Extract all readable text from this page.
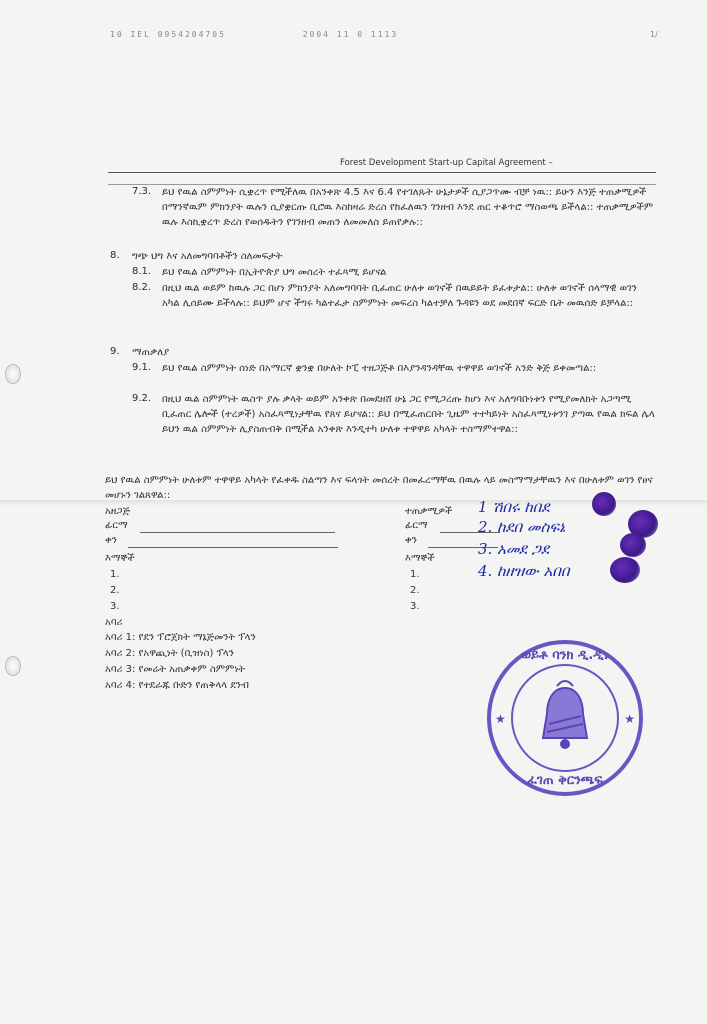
10 IEL 0954204705	2004 11 0 1113	1/
Forest Development Start-up Capital Agreement –
7.3. ይህ የዉል ስምምነት ሲቋረጥ የሚችለዉ በአንቀጽ 4.5 እና 6.4 የተገለጹት ሁኔታዎች ሲያጋጥሙ ብቻ ነዉ:: ይሁን እንጅ ተጠቃሚዎች በማንኛዉም ምክንያት ዉሉን ሲያቋርጡ ቢሮዉ እስከዛሬ ድረስ የከፈለዉን ገንዘብ እንደ ጠር ተቆጥሮ ማስወጫ ይችላል:: ተጠቃሚዎችም ዉሉ እስኪቋረጥ ድረስ የወሰዱትን የገንዘብ መጠን ለመመለስ ይጠየቃሉ::
8. ግጭ ህግ እና አለመግባባቶችን ስለመፍታት
8.1. ይህ የዉል ስምምነት በኢትዮጵያ ህግ መሰረት ተፈጻሚ ይሆናል
8.2. በዚህ ዉል ወይም ከዉሉ ጋር በሆነ ምክንያት አለመግባባት ቢፈጠር ሁለቱ ወገኖች በዉይይት ይፈቱታል:: ሁለቱ ወገኖች ሰላማዊ ወገን አካል ሊሰይሙ ይችላሉ:: ይህም ሆኖ ችግሩ ካልተፈታ ስምምነት መፍረስ ካልተቻለ ጉዳዩን ወደ መደበኛ ፍርድ ቤት መዉሰድ ይቻላል::
9. ማጠቃለያ
9.1. ይህ የዉል ስምምነት ሰነድ በአማርኛ ቋንቋ በሁለት ኮፒ ተዘጋጅቶ በእያንዳንዳቸዉ ተዋዋይ ወገኖች አንድ ቅጅ ይቀመጣል::
9.2. በዚህ ዉል ስምምነት ዉስጥ ያሉ ቃላት ወይም አንቀጽ በመደዘሸ ሁኔ ጋር የሚጋረጡ ከሆነ እና አለግባቡነቱን የሚያመለክት አጋጣሚ ቢፈጠር ሌሎች (ተረዎች) አስፈጻሚነታቸዉ የጸና ይሆናል:: ይህ በሚፈጠርበት ጊዜም ተተካይነት አስፈጻሚነቱንገ ያጣዉ የዉል ክፍል ሌላ ይህን ዉል ስምምነት ሊያስጠብቅ በሚችል አንቀጽ እንዲተካ ሁለቱ ተዋዋይ አካላት ተስማምተዋል::
ይህ የዉል ስምምነት ሁለቱም ተዋዋይ አካላት የፈቀዱ ስልጣን እና ፍላጎት መሰረት በመፈረማቸዉ በዉሉ ላይ መስማማታቸዉን እና በሁለቱም ወገን የፀና መሆኑን ገልጸዋል::
አዘጋጅ
ፊርማ
ቀን
እማኞች
1.
2.
3.
ተጠቃሚዎች
ፊርማ
ቀን
እማኞች
1.
2.
3.
1 ሽበሩ ከበደ
2. ከደበ መስፍኔ
3. አመደ ጋደ
4. ከዘዝው አበበ
አባሪ
አባሪ 1: የደን ፕሮጀክት ማኔጅመንት ፕላን
አባሪ 2: የአዋጪነት (ቢዝነስ) ፕላን
አባሪ 3: የመሬት አጠቃቀም ስምምነት
አባሪ 4: የተደራጁ ቡድን የጠቅላላ ደንብ
ወይቶ ባንክ ዲ.ዲ.
ፈገጠ ቅርንጫፍ
★	★
